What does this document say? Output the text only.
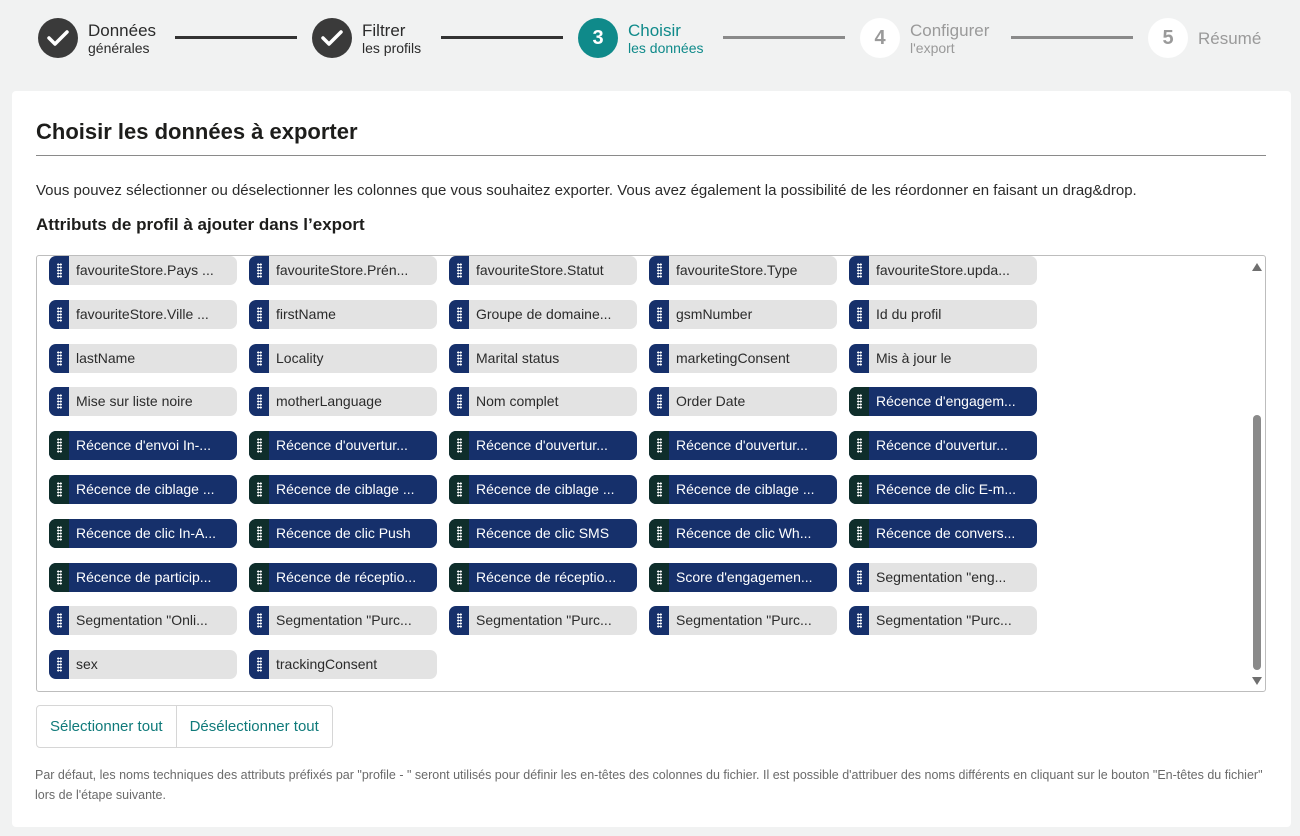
Données
générales
Filtrer
les profils	3	Choisir
les données	4	Configurer
l'export	5	Résumé
Choisir les données à exporter
Vous pouvez sélectionner ou déselectionner les colonnes que vous souhaitez exporter. Vous avez également la possibilité de les réordonner en faisant un drag&drop.
Attributs de profil à ajouter dans l’export
favouriteStore.Pays ...	favouriteStore.Prén...	favouriteStore.Statut	favouriteStore.Type	favouriteStore.upda...
favouriteStore.Ville ...	firstName	Groupe de domaine...	gsmNumber	Id du profil
lastName	Locality	Marital status	marketingConsent	Mis à jour le
Mise sur liste noire	motherLanguage	Nom complet	Order Date	Récence d'engagem...
Récence d'envoi In-...	Récence d'ouvertur...	Récence d'ouvertur...	Récence d'ouvertur...	Récence d'ouvertur...
Récence de ciblage ...	Récence de ciblage ...	Récence de ciblage ...	Récence de ciblage ...	Récence de clic E-m...
Récence de clic In-A...	Récence de clic Push	Récence de clic SMS	Récence de clic Wh...	Récence de convers...
Récence de particip...	Récence de réceptio...	Récence de réceptio...	Score d'engagemen...	Segmentation "eng...
Segmentation "Onli...	Segmentation "Purc...	Segmentation "Purc...	Segmentation "Purc...	Segmentation "Purc...
sex	trackingConsent
Sélectionner tout	Désélectionner tout
Par défaut, les noms techniques des attributs préfixés par "profile - " seront utilisés pour définir les en-têtes des colonnes du fichier. Il est possible d'attribuer des noms différents en cliquant sur le bouton "En-têtes du fichier" lors de l'étape suivante.
